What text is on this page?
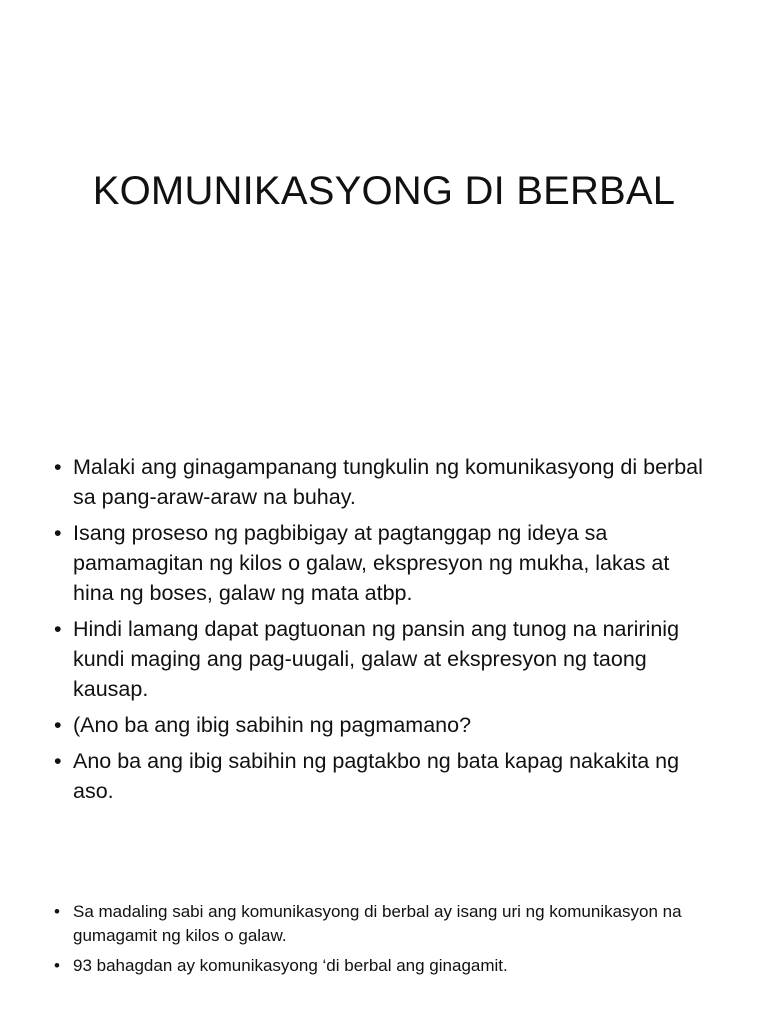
KOMUNIKASYONG DI BERBAL
• Malaki ang ginagampanang tungkulin ng komunikasyong di berbal sa pang-araw-araw na buhay.
• Isang proseso ng pagbibigay at pagtanggap ng ideya sa pamamagitan ng kilos o galaw, ekspresyon ng mukha, lakas at hina ng boses, galaw ng mata atbp.
• Hindi lamang dapat pagtuonan ng pansin ang tunog na naririnig kundi maging ang pag-uugali, galaw at ekspresyon ng taong kausap.
• (Ano ba ang ibig sabihin ng pagmamano?
• Ano ba ang ibig sabihin ng pagtakbo ng bata kapag nakakita ng aso.
• Sa madaling sabi ang komunikasyong di berbal ay isang uri ng komunikasyon na gumagamit ng kilos o galaw.
• 93 bahagdan ay komunikasyong ‘di berbal ang ginagamit.
